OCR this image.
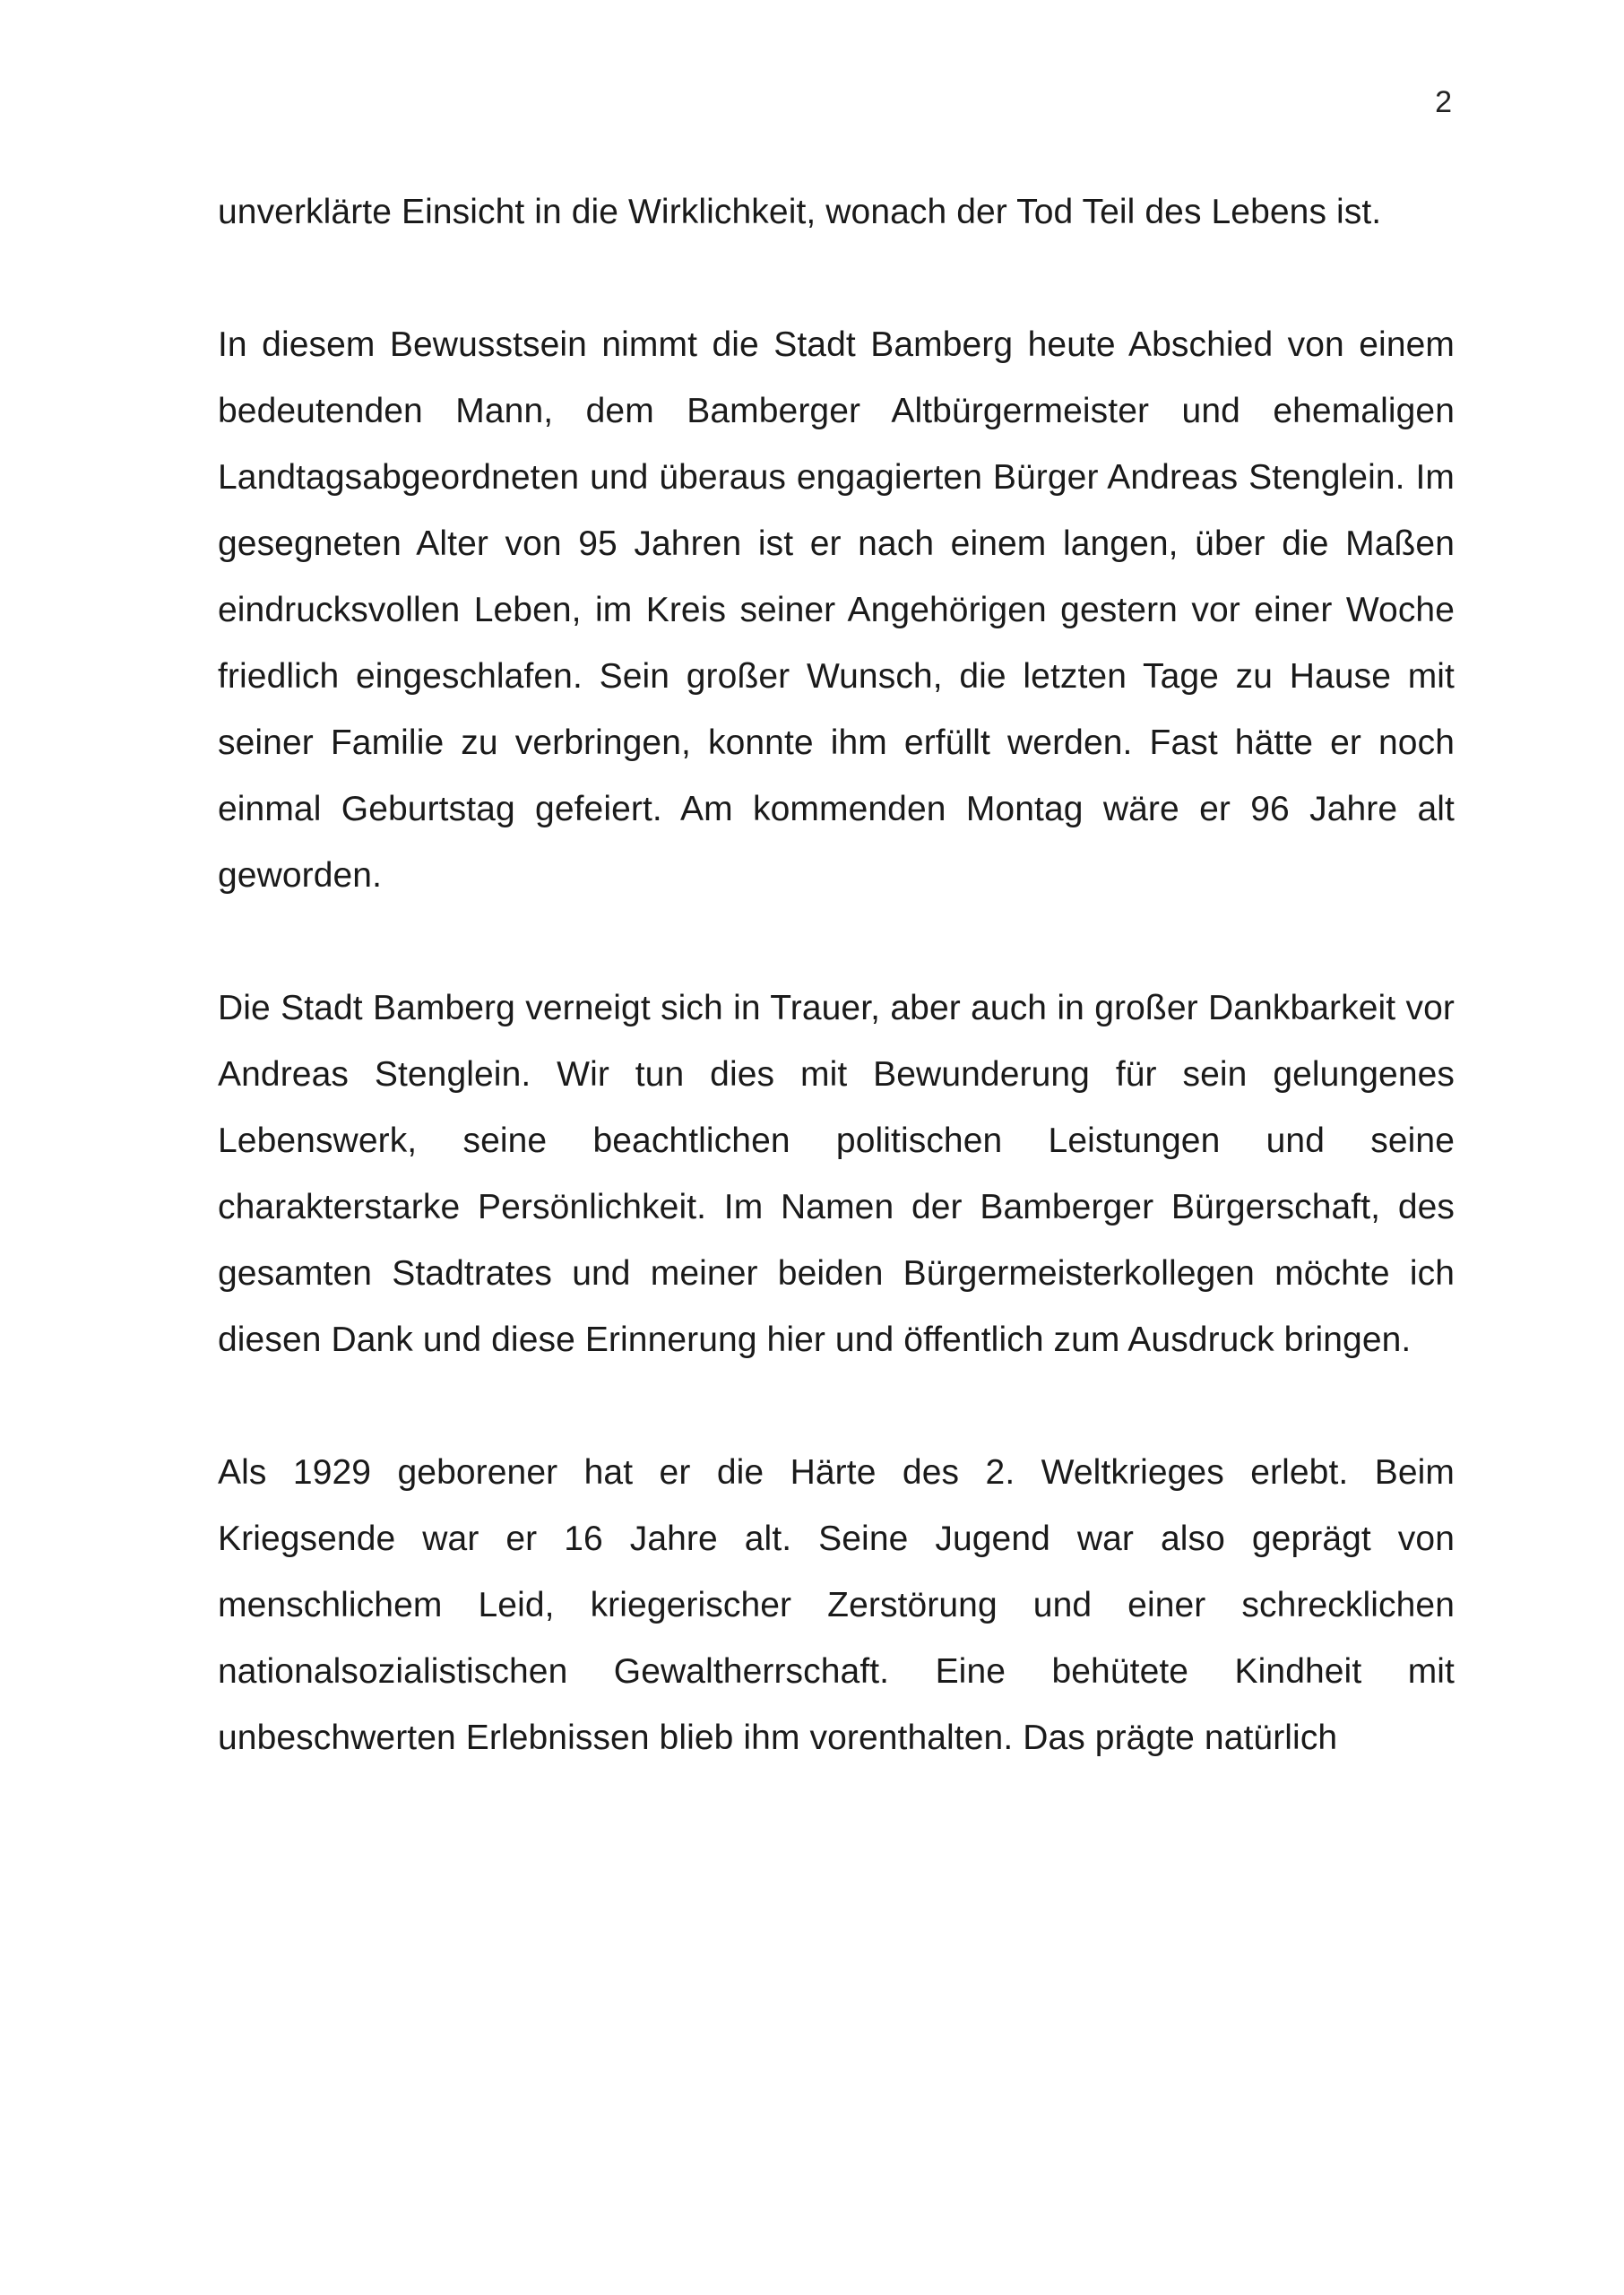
2

unverklärte Einsicht in die Wirklichkeit, wonach der Tod Teil des Lebens ist.

In diesem Bewusstsein nimmt die Stadt Bamberg heute Abschied von einem bedeutenden Mann, dem Bamberger Altbürgermeister und ehemaligen Landtagsabgeordneten und überaus engagierten Bürger Andreas Stenglein. Im gesegneten Alter von 95 Jahren ist er nach einem langen, über die Maßen eindrucksvollen Leben, im Kreis seiner Angehörigen gestern vor einer Woche friedlich eingeschlafen. Sein großer Wunsch, die letzten Tage zu Hause mit seiner Familie zu verbringen, konnte ihm erfüllt werden. Fast hätte er noch einmal Geburtstag gefeiert. Am kommenden Montag wäre er 96 Jahre alt geworden.

Die Stadt Bamberg verneigt sich in Trauer, aber auch in großer Dankbarkeit vor Andreas Stenglein. Wir tun dies mit Bewunderung für sein gelungenes Lebenswerk, seine beachtlichen politischen Leistungen und seine charakterstarke Persönlichkeit. Im Namen der Bamberger Bürgerschaft, des gesamten Stadtrates und meiner beiden Bürgermeisterkollegen möchte ich diesen Dank und diese Erinnerung hier und öffentlich zum Ausdruck bringen.

Als 1929 geborener hat er die Härte des 2. Weltkrieges erlebt. Beim Kriegsende war er 16 Jahre alt. Seine Jugend war also geprägt von menschlichem Leid, kriegerischer Zerstörung und einer schrecklichen nationalsozialistischen Gewaltherrschaft. Eine behütete Kindheit mit unbeschwerten Erlebnissen blieb ihm vorenthalten. Das prägte natürlich
